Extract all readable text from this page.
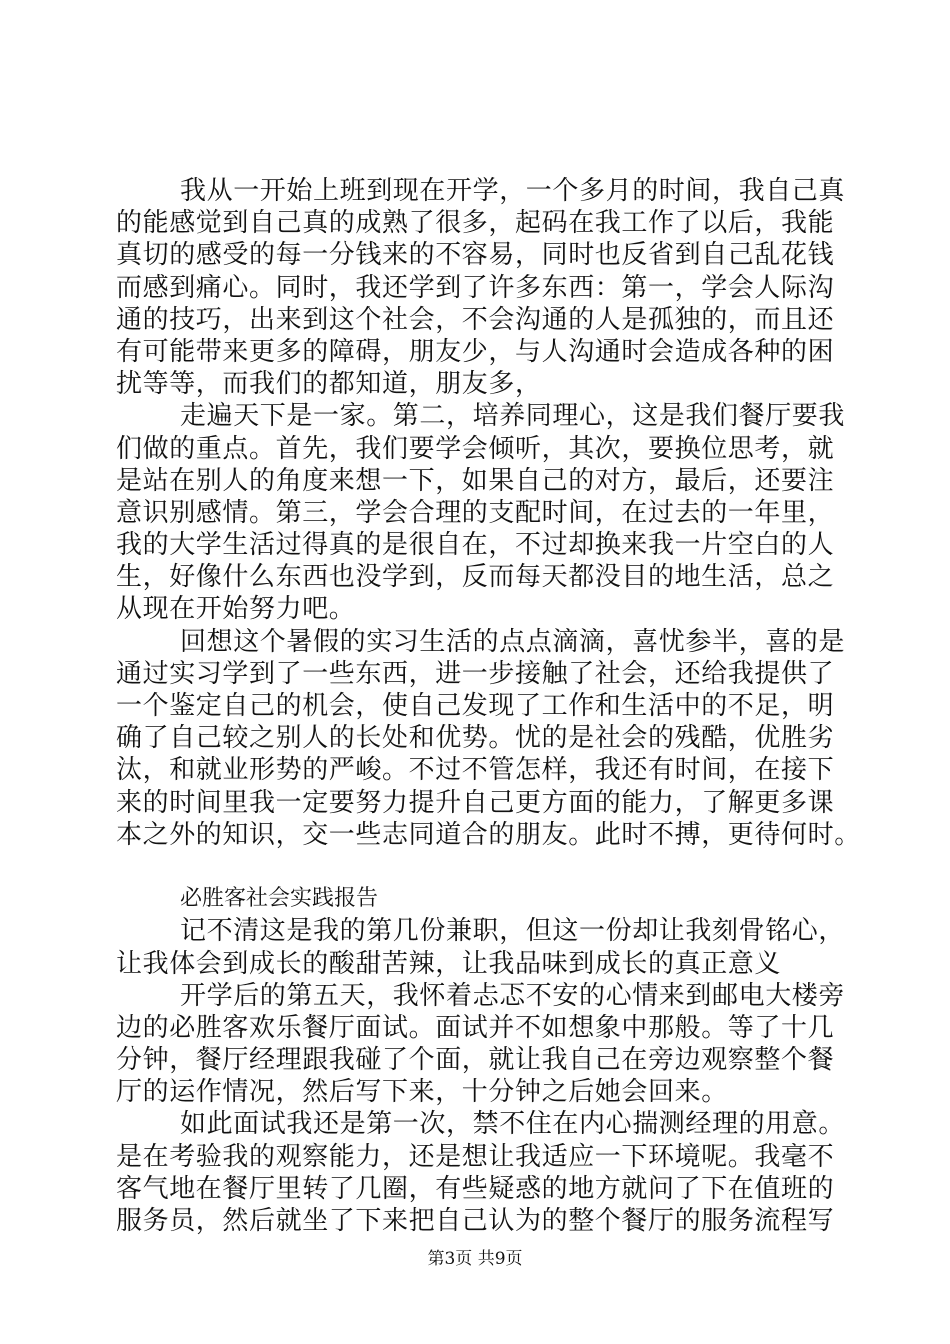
我从一开始上班到现在开学，一个多月的时间，我自己真
的能感觉到自己真的成熟了很多，起码在我工作了以后，我能
真切的感受的每一分钱来的不容易，同时也反省到自己乱花钱
而感到痛心。同时，我还学到了许多东西：第一，学会人际沟
通的技巧，出来到这个社会，不会沟通的人是孤独的，而且还
有可能带来更多的障碍，朋友少，与人沟通时会造成各种的困
扰等等，而我们的都知道，朋友多，
走遍天下是一家。第二，培养同理心，这是我们餐厅要我
们做的重点。首先，我们要学会倾听，其次，要换位思考，就
是站在别人的角度来想一下，如果自己的对方，最后，还要注
意识别感情。第三，学会合理的支配时间，在过去的一年里，
我的大学生活过得真的是很自在，不过却换来我一片空白的人
生，好像什么东西也没学到，反而每天都没目的地生活，总之
从现在开始努力吧。
回想这个暑假的实习生活的点点滴滴，喜忧参半，喜的是
通过实习学到了一些东西，进一步接触了社会，还给我提供了
一个鉴定自己的机会，使自己发现了工作和生活中的不足，明
确了自己较之别人的长处和优势。忧的是社会的残酷，优胜劣
汰，和就业形势的严峻。不过不管怎样，我还有时间，在接下
来的时间里我一定要努力提升自己更方面的能力，了解更多课
本之外的知识，交一些志同道合的朋友。此时不搏，更待何时。
必胜客社会实践报告
记不清这是我的第几份兼职，但这一份却让我刻骨铭心，
让我体会到成长的酸甜苦辣，让我品味到成长的真正意义
开学后的第五天，我怀着忐忑不安的心情来到邮电大楼旁
边的必胜客欢乐餐厅面试。面试并不如想象中那般。等了十几
分钟，餐厅经理跟我碰了个面，就让我自己在旁边观察整个餐
厅的运作情况，然后写下来，十分钟之后她会回来。
如此面试我还是第一次，禁不住在内心揣测经理的用意。
是在考验我的观察能力，还是想让我适应一下环境呢。我毫不
客气地在餐厅里转了几圈，有些疑惑的地方就问了下在值班的
服务员，然后就坐了下来把自己认为的整个餐厅的服务流程写
第3页 共9页
